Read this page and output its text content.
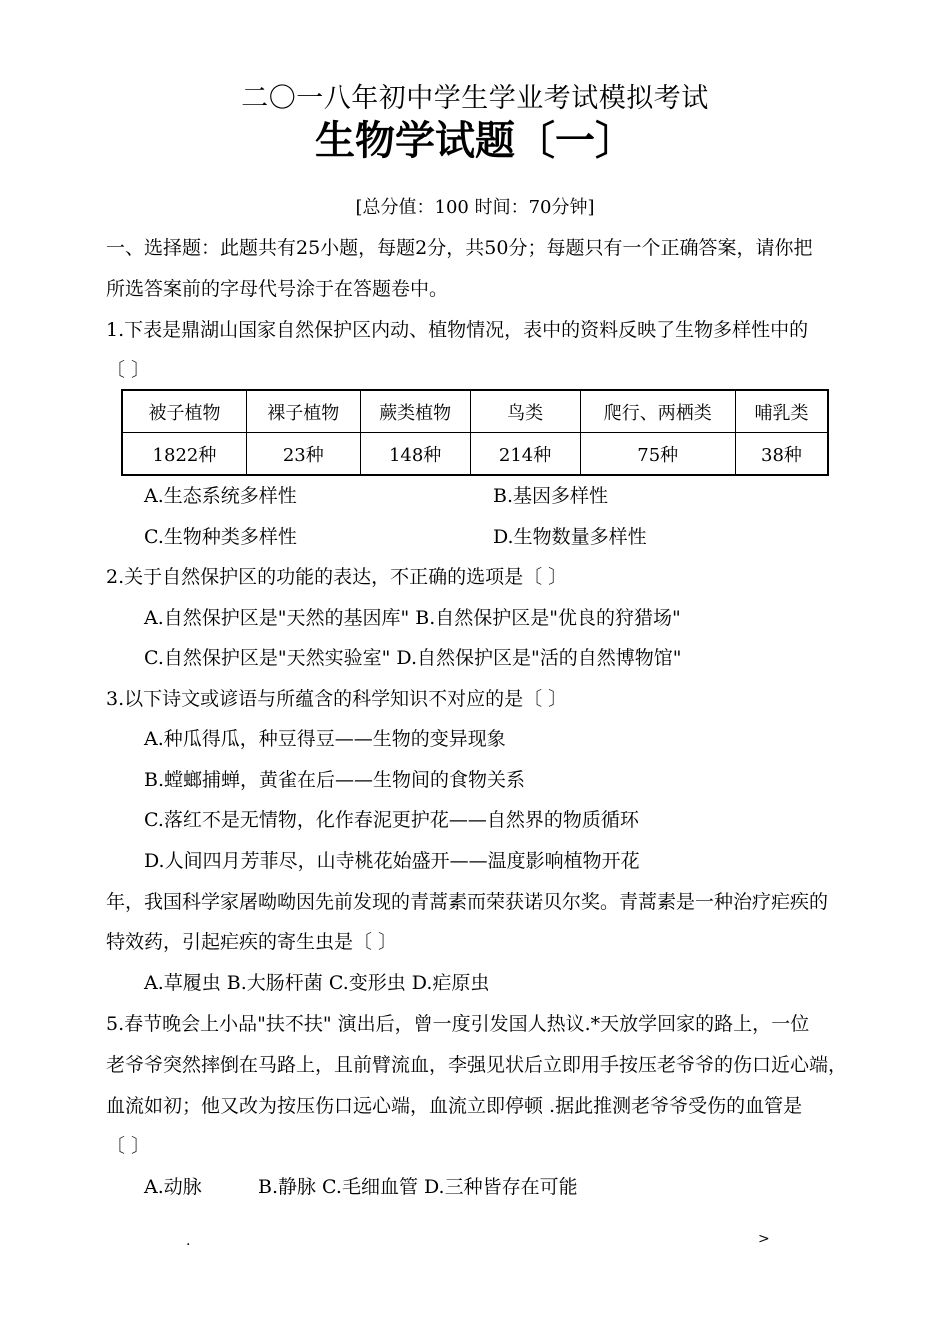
二〇一八年初中学生学业考试模拟考试
生物学试题〔一〕
[总分值：100 时间：70分钟]
一、选择题：此题共有25小题，每题2分，共50分；每题只有一个正确答案，请你把
所选答案前的字母代号涂于在答题卷中。
1.下表是鼎湖山国家自然保护区内动、植物情况，表中的资料反映了生物多样性中的
〔 〕
被子植物	裸子植物	蕨类植物	鸟类	爬行、两栖类	哺乳类
1822种	23种	148种	214种	75种	38种
A.生态系统多样性	B.基因多样性
C.生物种类多样性	D.生物数量多样性
2.关于自然保护区的功能的表达，不正确的选项是〔 〕
A.自然保护区是"天然的基因库" B.自然保护区是"优良的狩猎场"
C.自然保护区是"天然实验室" D.自然保护区是"活的自然博物馆"
3.以下诗文或谚语与所蕴含的科学知识不对应的是〔 〕
A.种瓜得瓜，种豆得豆——生物的变异现象
B.螳螂捕蝉，黄雀在后——生物间的食物关系
C.落红不是无情物，化作春泥更护花——自然界的物质循环
D.人间四月芳菲尽，山寺桃花始盛开——温度影响植物开花
年，我国科学家屠呦呦因先前发现的青蒿素而荣获诺贝尔奖。青蒿素是一种治疗疟疾的
特效药，引起疟疾的寄生虫是〔 〕
A.草履虫 B.大肠杆菌 C.变形虫 D.疟原虫
5.春节晚会上小品"扶不扶" 演出后，曾一度引发国人热议.*天放学回家的路上，一位
老爷爷突然摔倒在马路上，且前臂流血，李强见状后立即用手按压老爷爷的伤口近心端，
血流如初；他又改为按压伤口远心端，血流立即停顿 .据此推测老爷爷受伤的血管是
〔 〕
A.动脉	B.静脉 C.毛细血管 D.三种皆存在可能
.	>
